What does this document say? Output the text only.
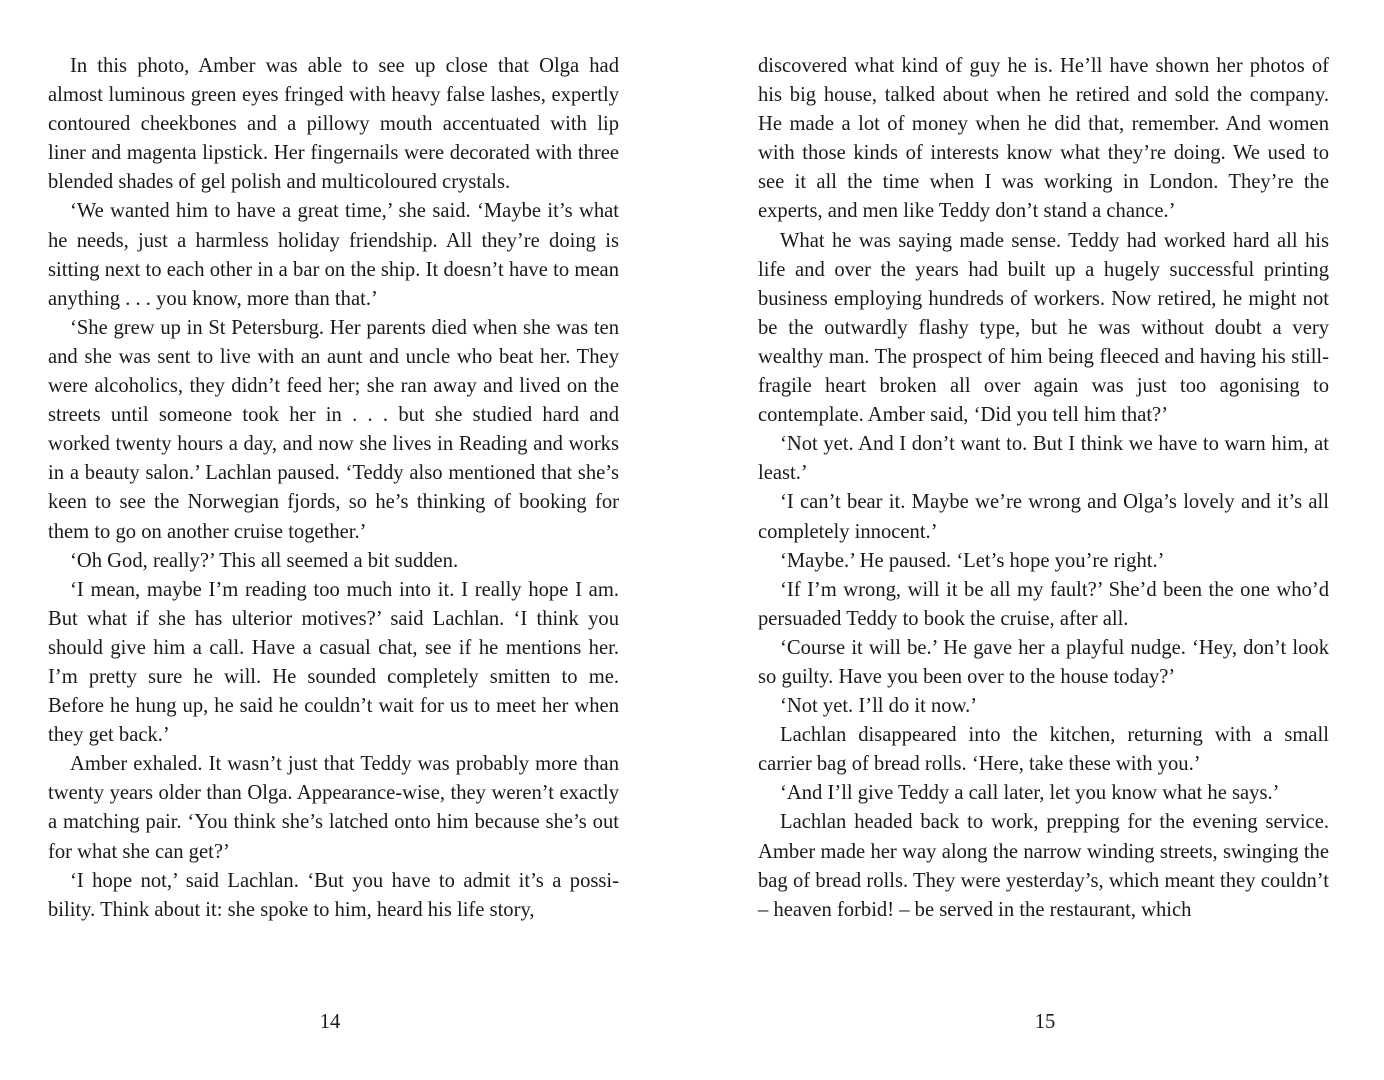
In this photo, Amber was able to see up close that Olga had almost luminous green eyes fringed with heavy false lashes, expertly contoured cheekbones and a pillowy mouth accentuated with lip liner and magenta lipstick. Her fingernails were decorated with three blended shades of gel polish and multicoloured crystals.

‘We wanted him to have a great time,’ she said. ‘Maybe it’s what he needs, just a harmless holiday friendship. All they’re doing is sitting next to each other in a bar on the ship. It doesn’t have to mean anything . . . you know, more than that.’

‘She grew up in St Petersburg. Her parents died when she was ten and she was sent to live with an aunt and uncle who beat her. They were alcoholics, they didn’t feed her; she ran away and lived on the streets until someone took her in . . . but she studied hard and worked twenty hours a day, and now she lives in Reading and works in a beauty salon.’ Lachlan paused. ‘Teddy also mentioned that she’s keen to see the Norwegian fjords, so he’s thinking of booking for them to go on another cruise together.’

‘Oh God, really?’ This all seemed a bit sudden.

‘I mean, maybe I’m reading too much into it. I really hope I am. But what if she has ulterior motives?’ said Lachlan. ‘I think you should give him a call. Have a casual chat, see if he mentions her. I’m pretty sure he will. He sounded completely smitten to me. Before he hung up, he said he couldn’t wait for us to meet her when they get back.’

Amber exhaled. It wasn’t just that Teddy was probably more than twenty years older than Olga. Appearance-wise, they weren’t exactly a matching pair. ‘You think she’s latched onto him because she’s out for what she can get?’

‘I hope not,’ said Lachlan. ‘But you have to admit it’s a possibility. Think about it: she spoke to him, heard his life story,

discovered what kind of guy he is. He’ll have shown her photos of his big house, talked about when he retired and sold the company. He made a lot of money when he did that, remember. And women with those kinds of interests know what they’re doing. We used to see it all the time when I was working in London. They’re the experts, and men like Teddy don’t stand a chance.’

What he was saying made sense. Teddy had worked hard all his life and over the years had built up a hugely successful printing business employing hundreds of workers. Now retired, he might not be the outwardly flashy type, but he was without doubt a very wealthy man. The prospect of him being fleeced and having his still-fragile heart broken all over again was just too agonising to contemplate. Amber said, ‘Did you tell him that?’

‘Not yet. And I don’t want to. But I think we have to warn him, at least.’

‘I can’t bear it. Maybe we’re wrong and Olga’s lovely and it’s all completely innocent.’

‘Maybe.’ He paused. ‘Let’s hope you’re right.’

‘If I’m wrong, will it be all my fault?’ She’d been the one who’d persuaded Teddy to book the cruise, after all.

‘Course it will be.’ He gave her a playful nudge. ‘Hey, don’t look so guilty. Have you been over to the house today?’

‘Not yet. I’ll do it now.’

Lachlan disappeared into the kitchen, returning with a small carrier bag of bread rolls. ‘Here, take these with you.’

‘And I’ll give Teddy a call later, let you know what he says.’

Lachlan headed back to work, prepping for the evening service. Amber made her way along the narrow winding streets, swinging the bag of bread rolls. They were yesterday’s, which meant they couldn’t – heaven forbid! – be served in the restaurant, which

14	15
